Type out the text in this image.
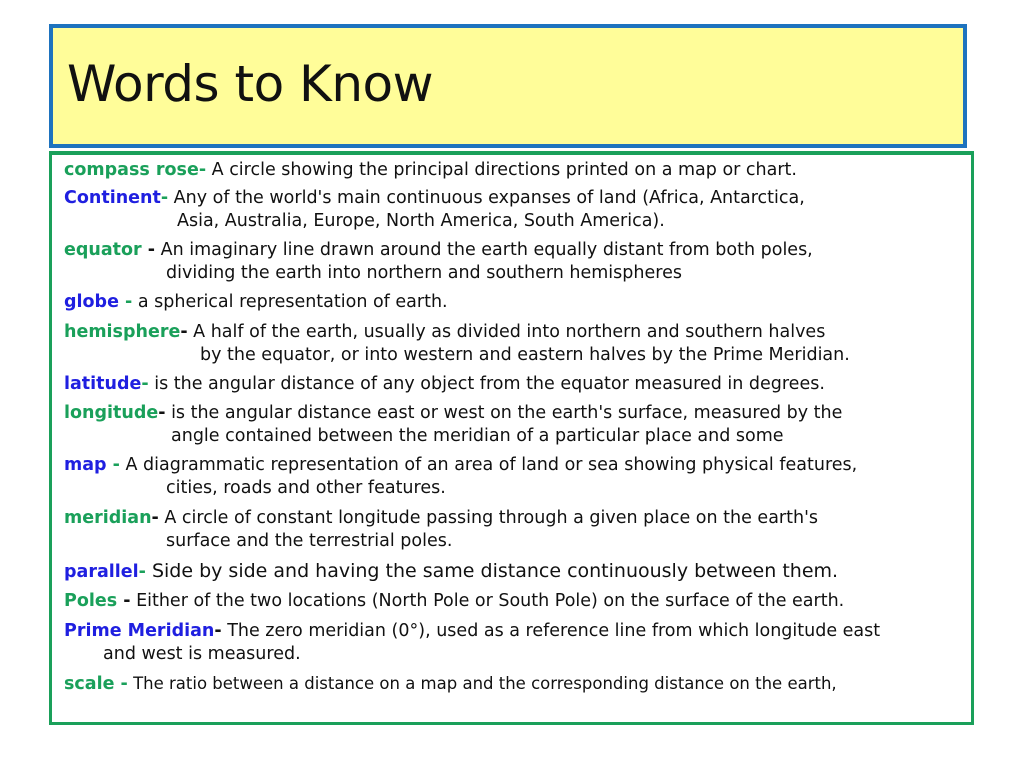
Words to Know
compass rose- A circle showing the principal directions printed on a map or chart.
Continent- Any of the world's main continuous expanses of land (Africa, Antarctica,
Asia, Australia, Europe, North America, South America).
equator - An imaginary line drawn around the earth equally distant from both poles,
dividing the earth into northern and southern hemispheres
globe - a spherical representation of earth.
hemisphere- A half of the earth, usually as divided into northern and southern halves
by the equator, or into western and eastern halves by the Prime Meridian.
latitude- is the angular distance of any object from the equator measured in degrees.
longitude- is the angular distance east or west on the earth's surface, measured by the
angle contained between the meridian of a particular place and some
map - A diagrammatic representation of an area of land or sea showing physical features,
cities, roads and other features.
meridian- A circle of constant longitude passing through a given place on the earth's
surface and the terrestrial poles.
parallel- Side by side and having the same distance continuously between them.
Poles - Either of the two locations (North Pole or South Pole) on the surface of the earth.
Prime Meridian- The zero meridian (0°), used as a reference line from which longitude east
and west is measured.
scale - The ratio between a distance on a map and the corresponding distance on the earth,
